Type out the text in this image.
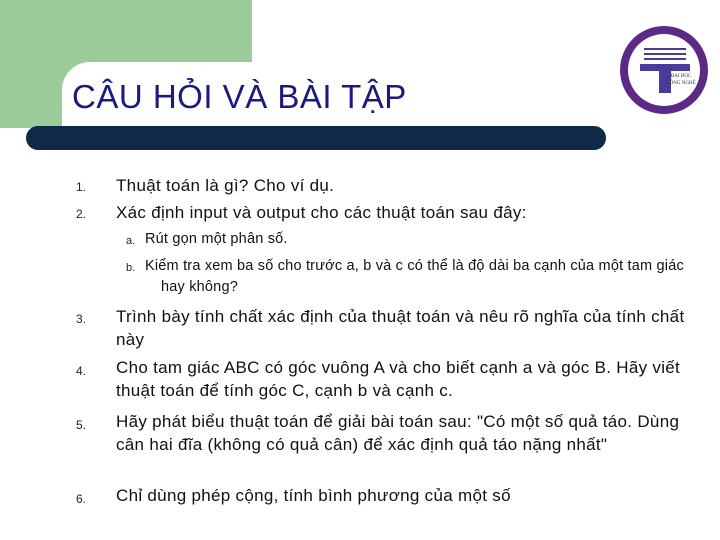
CÂU HỎI VÀ BÀI TẬP
ĐẠI HỌC
CÔNG NGHỆ
1. Thuật toán là gì? Cho ví dụ.
2. Xác định input và output cho các thuật toán sau đây:
a. Rút gọn một phân số.
b. Kiểm tra xem ba số cho trước a, b và c có thể là độ dài ba cạnh của một tam giác hay không?
3. Trình bày tính chất xác định của thuật toán và nêu rõ nghĩa của tính chất này
4. Cho tam giác ABC có góc vuông A và cho biết cạnh a và góc B. Hãy viết thuật toán để tính góc C, cạnh b và cạnh c.
5. Hãy phát biểu thuật toán để giải bài toán sau: "Có một số quả táo. Dùng cân hai đĩa (không có quả cân) để xác định quả táo nặng nhất"
6. Chỉ dùng phép cộng, tính bình phương của một số
